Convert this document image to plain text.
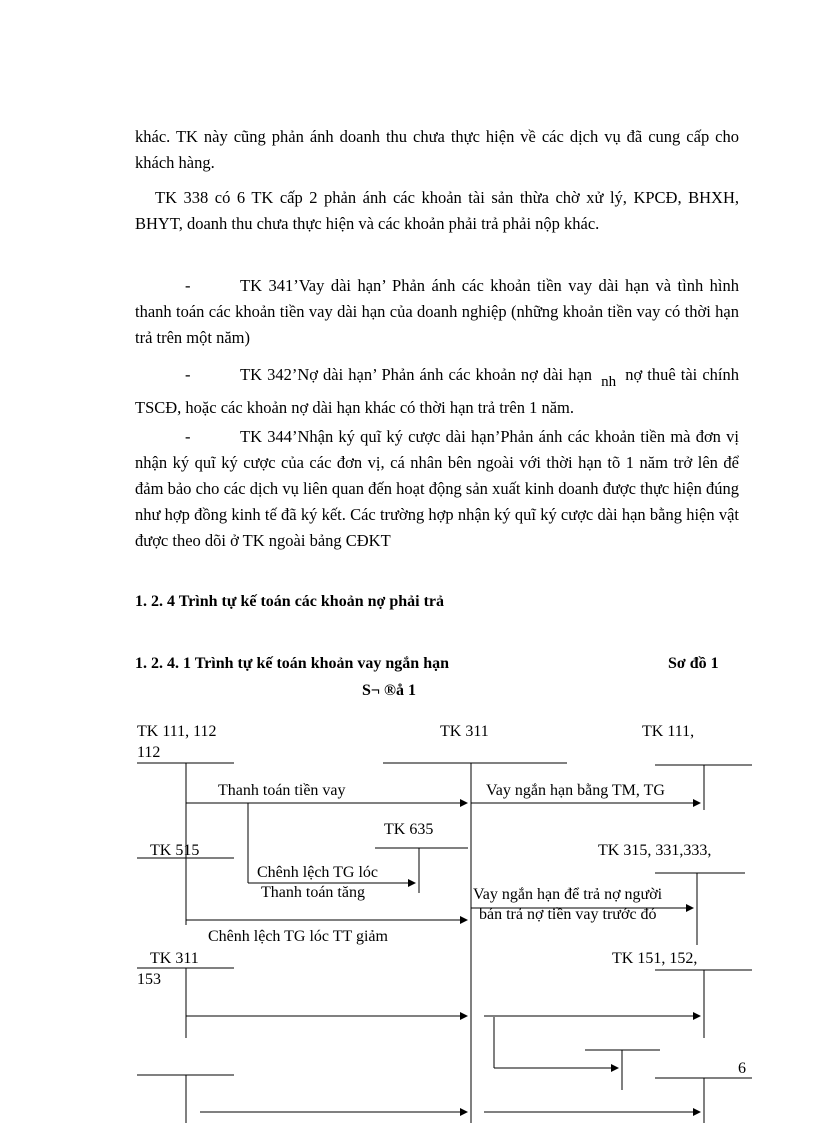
khác. TK này cũng phản ánh doanh thu chưa thực hiện về các dịch vụ đã cung cấp cho khách hàng.
TK 338 có 6 TK cấp 2 phản ánh các khoản tài sản thừa chờ xử lý, KPCĐ, BHXH, BHYT, doanh thu chưa thực hiện và các khoản phải trả phải nộp khác.
-   TK 341’Vay dài hạn’ Phản ánh các khoản tiền vay dài hạn và tình hình thanh toán các khoản tiền vay dài hạn của doanh nghiệp (những khoản tiền vay có thời hạn trả trên một năm)
-   TK 342’Nợ dài hạn’ Phản ánh các khoản nợ dài hạn nh nợ thuê tài chính TSCĐ, hoặc các khoản nợ dài hạn khác có thời hạn trả trên 1 năm.
-   TK 344’Nhận ký quĩ ký cược dài hạn’Phản ánh các khoản tiền mà đơn vị nhận ký quĩ ký cược của các đơn vị, cá nhân bên ngoài với thời hạn tõ 1 năm trở lên để đảm bảo cho các dịch vụ liên quan đến hoạt động sản xuất kinh doanh được thực hiện đúng như hợp đồng kinh tế đã ký kết. Các trường hợp nhận ký quĩ ký cược dài hạn bằng hiện vật được theo dõi ở TK ngoài bảng CĐKT
1. 2. 4 Trình tự kế toán các khoản nợ phải trả
1. 2. 4. 1 Trình tự kế toán khoản vay ngắn hạn	Sơ đồ 1
S¬ ®å 1
TK 111, 112
112
TK 311	TK 111,
Thanh toán tiền vay	Vay ngắn hạn bằng TM, TG
TK 635
TK 515	TK 315, 331,333,
Chênh lệch TG lóc
Thanh toán tăng	Vay ngắn hạn để trả nợ người
bán trả nợ tiền vay trước đó
Chênh lệch TG lóc TT giảm
TK 311
153
TK 151, 152,
6
